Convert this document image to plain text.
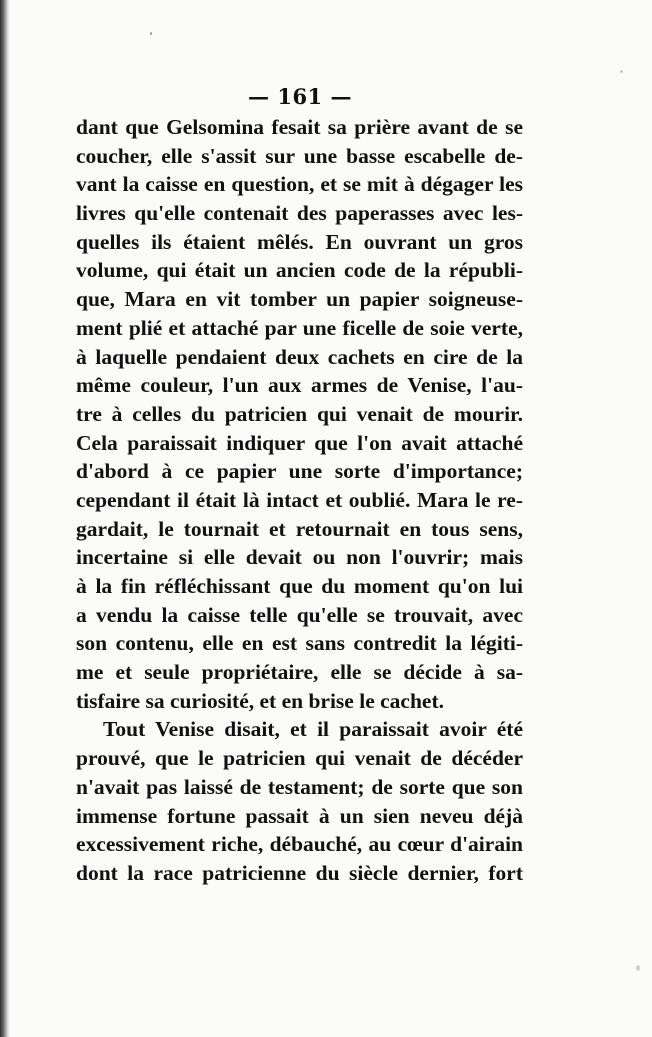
— 161 —
dant que Gelsomina fesait sa prière avant de se
coucher, elle s'assit sur une basse escabelle de-
vant la caisse en question, et se mit à dégager les
livres qu'elle contenait des paperasses avec les-
quelles ils étaient mêlés. En ouvrant un gros
volume, qui était un ancien code de la républi-
que, Mara en vit tomber un papier soigneuse-
ment plié et attaché par une ficelle de soie verte,
à laquelle pendaient deux cachets en cire de la
même couleur, l'un aux armes de Venise, l'au-
tre à celles du patricien qui venait de mourir.
Cela paraissait indiquer que l'on avait attaché
d'abord à ce papier une sorte d'importance;
cependant il était là intact et oublié. Mara le re-
gardait, le tournait et retournait en tous sens,
incertaine si elle devait ou non l'ouvrir; mais
à la fin réfléchissant que du moment qu'on lui
a vendu la caisse telle qu'elle se trouvait, avec
son contenu, elle en est sans contredit la légiti-
me et seule propriétaire, elle se décide à sa-
tisfaire sa curiosité, et en brise le cachet.
Tout Venise disait, et il paraissait avoir été
prouvé, que le patricien qui venait de décéder
n'avait pas laissé de testament; de sorte que son
immense fortune passait à un sien neveu déjà
excessivement riche, débauché, au cœur d'airain
dont la race patricienne du siècle dernier, fort
